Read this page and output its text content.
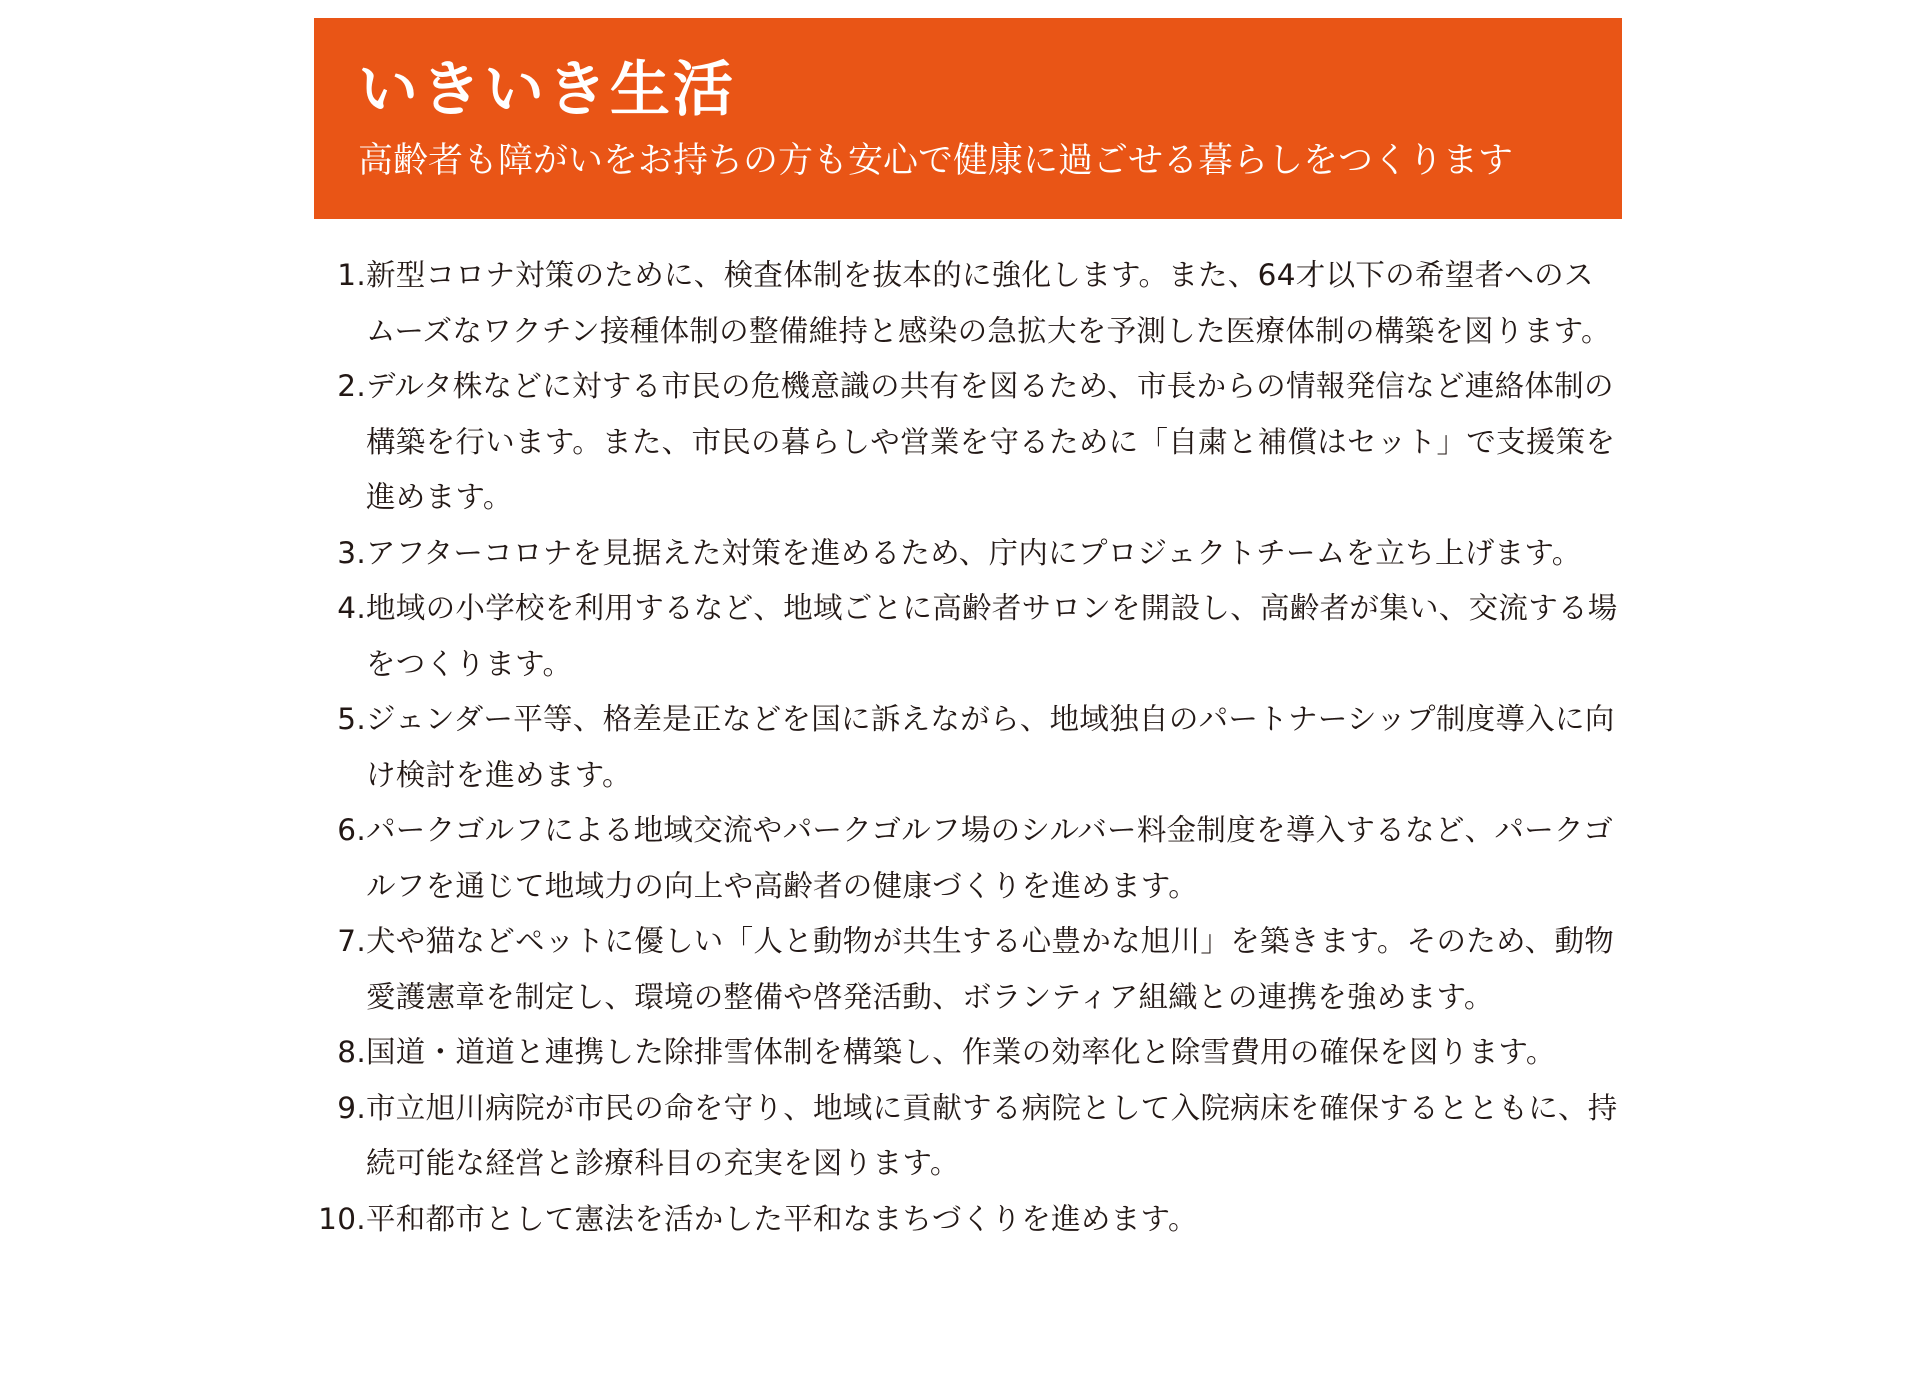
いきいき生活
高齢者も障がいをお持ちの方も安心で健康に過ごせる暮らしをつくります
1. 新型コロナ対策のために、検査体制を抜本的に強化します。また、64才以下の希望者へのスムーズなワクチン接種体制の整備維持と感染の急拡大を予測した医療体制の構築を図ります。
2. デルタ株などに対する市民の危機意識の共有を図るため、市長からの情報発信など連絡体制の構築を行います。また、市民の暮らしや営業を守るために「自粛と補償はセット」で支援策を進めます。
3. アフターコロナを見据えた対策を進めるため、庁内にプロジェクトチームを立ち上げます。
4. 地域の小学校を利用するなど、地域ごとに高齢者サロンを開設し、高齢者が集い、交流する場をつくります。
5. ジェンダー平等、格差是正などを国に訴えながら、地域独自のパートナーシップ制度導入に向け検討を進めます。
6. パークゴルフによる地域交流やパークゴルフ場のシルバー料金制度を導入するなど、パークゴルフを通じて地域力の向上や高齢者の健康づくりを進めます。
7. 犬や猫などペットに優しい「人と動物が共生する心豊かな旭川」を築きます。そのため、動物愛護憲章を制定し、環境の整備や啓発活動、ボランティア組織との連携を強めます。
8. 国道・道道と連携した除排雪体制を構築し、作業の効率化と除雪費用の確保を図ります。
9. 市立旭川病院が市民の命を守り、地域に貢献する病院として入院病床を確保するとともに、持続可能な経営と診療科目の充実を図ります。
10. 平和都市として憲法を活かした平和なまちづくりを進めます。
